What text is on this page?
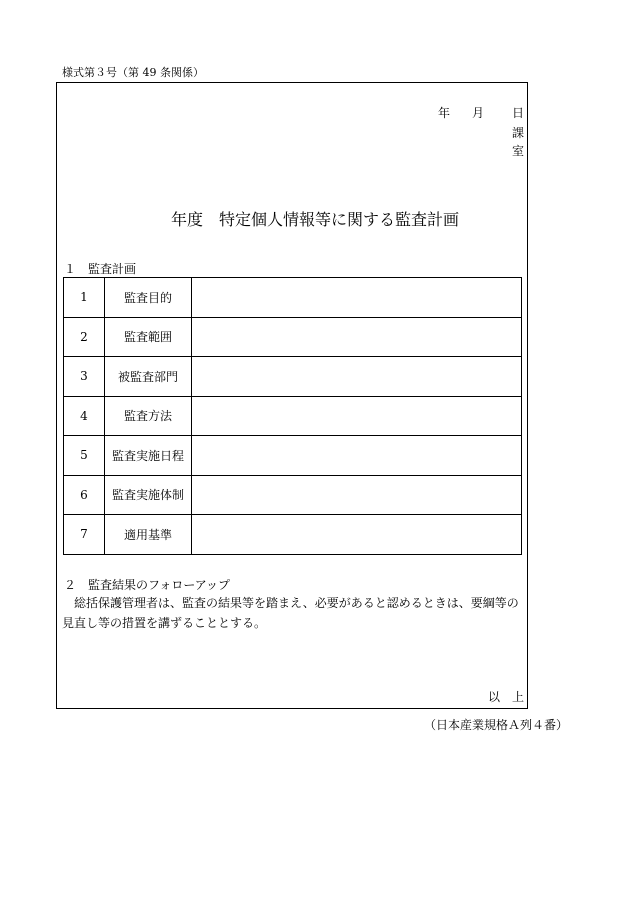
様式第３号（第 49 条関係）
年 月 日
課
室
年度　特定個人情報等に関する監査計画
１　監査計画
1	監査目的	
2	監査範囲	
3	被監査部門	
4	監査方法	
5	監査実施日程	
6	監査実施体制	
7	適用基準	
２　監査結果のフォローアップ
総括保護管理者は、監査の結果等を踏まえ、必要があると認めるときは、要綱等の見直し等の措置を講ずることとする。
以 上
（日本産業規格Ａ列４番）
